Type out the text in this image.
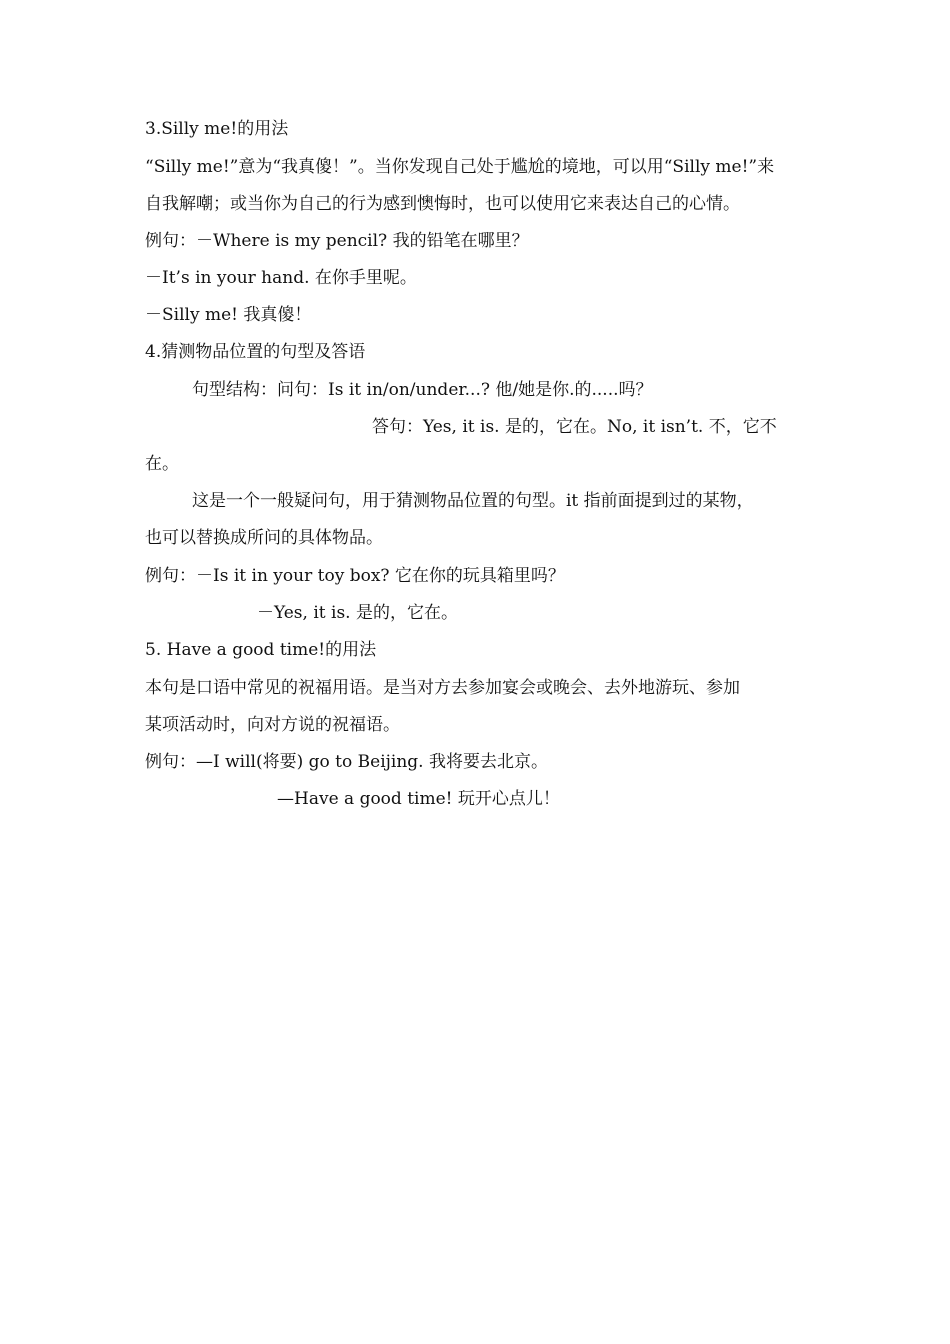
3.Silly me!的用法
“Silly me!”意为“我真傻！”。当你发现自己处于尴尬的境地，可以用“Silly me!”来
自我解嘲；或当你为自己的行为感到懊悔时，也可以使用它来表达自己的心情。
例句：－Where is my pencil? 我的铅笔在哪里？
－It’s in your hand. 在你手里呢。
－Silly me! 我真傻！
4.猜测物品位置的句型及答语
句型结构：问句：Is it in/on/under...? 他/她是你.的.....吗？
答句：Yes, it is. 是的，它在。No, it isn’t. 不，它不
在。
这是一个一般疑问句，用于猜测物品位置的句型。it 指前面提到过的某物，
也可以替换成所问的具体物品。
例句：－Is it in your toy box? 它在你的玩具箱里吗？
－Yes, it is. 是的，它在。
5. Have a good time!的用法
本句是口语中常见的祝福用语。是当对方去参加宴会或晚会、去外地游玩、参加
某项活动时，向对方说的祝福语。
例句：—I will(将要) go to Beijing. 我将要去北京。
—Have a good time! 玩开心点儿！
